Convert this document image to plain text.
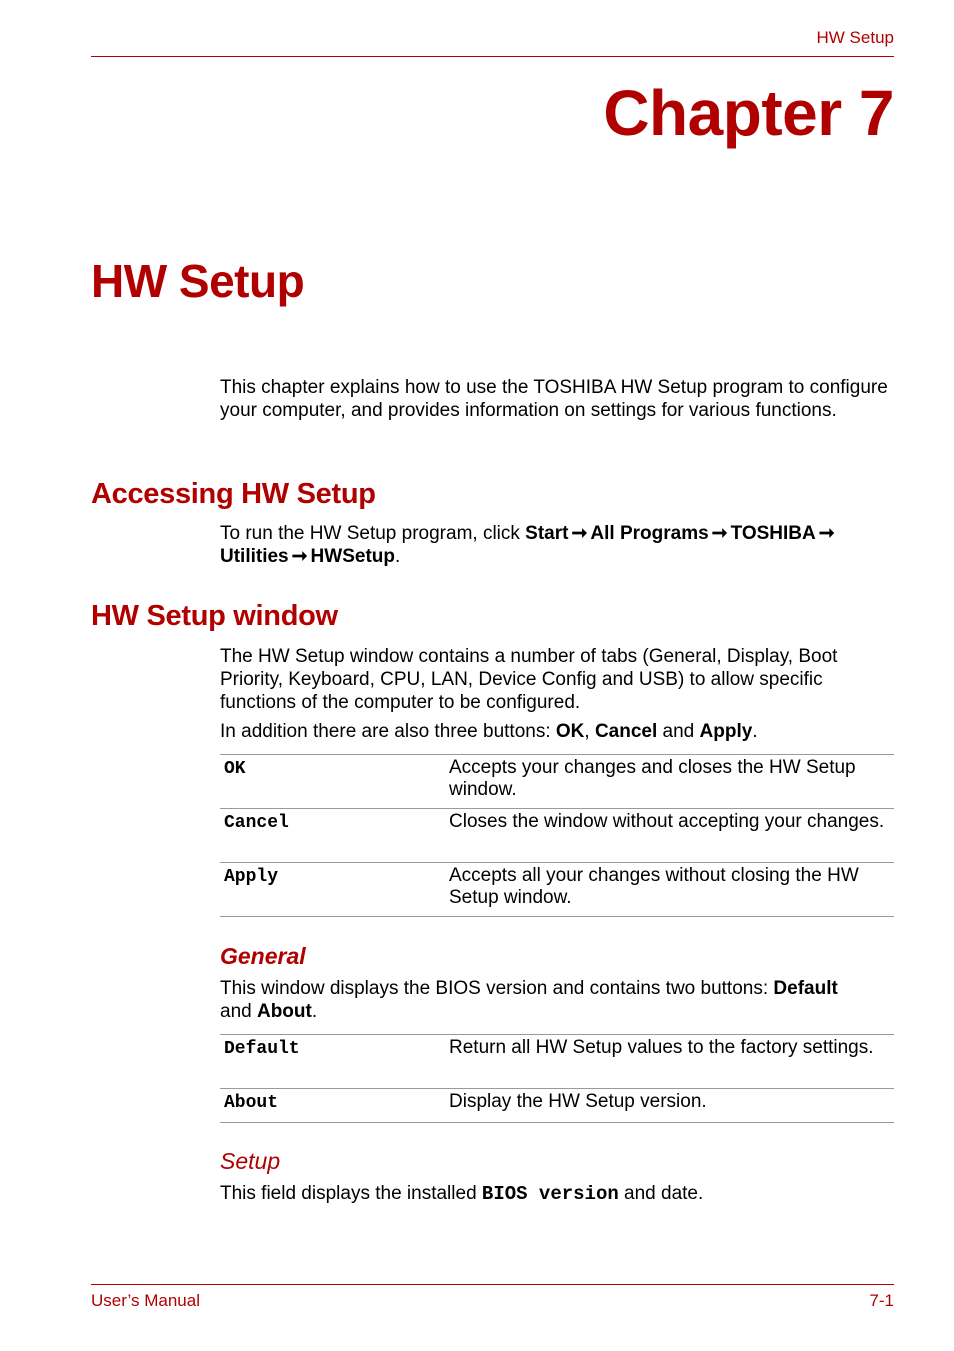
HW Setup
Chapter 7
HW Setup
This chapter explains how to use the TOSHIBA HW Setup program to configure your computer, and provides information on settings for various functions.
Accessing HW Setup
To run the HW Setup program, click Start ➞ All Programs ➞ TOSHIBA ➞
Utilities ➞ HWSetup.
HW Setup window
The HW Setup window contains a number of tabs (General, Display, Boot Priority, Keyboard, CPU, LAN, Device Config and USB) to allow specific functions of the computer to be configured.
In addition there are also three buttons: OK, Cancel and Apply.
OK	Accepts your changes and closes the HW Setup window.
Cancel	Closes the window without accepting your changes.
Apply	Accepts all your changes without closing the HW Setup window.
General
This window displays the BIOS version and contains two buttons: Default
and About.
Default	Return all HW Setup values to the factory settings.
About	Display the HW Setup version.
Setup
This field displays the installed BIOS version and date.
User’s Manual	7-1
